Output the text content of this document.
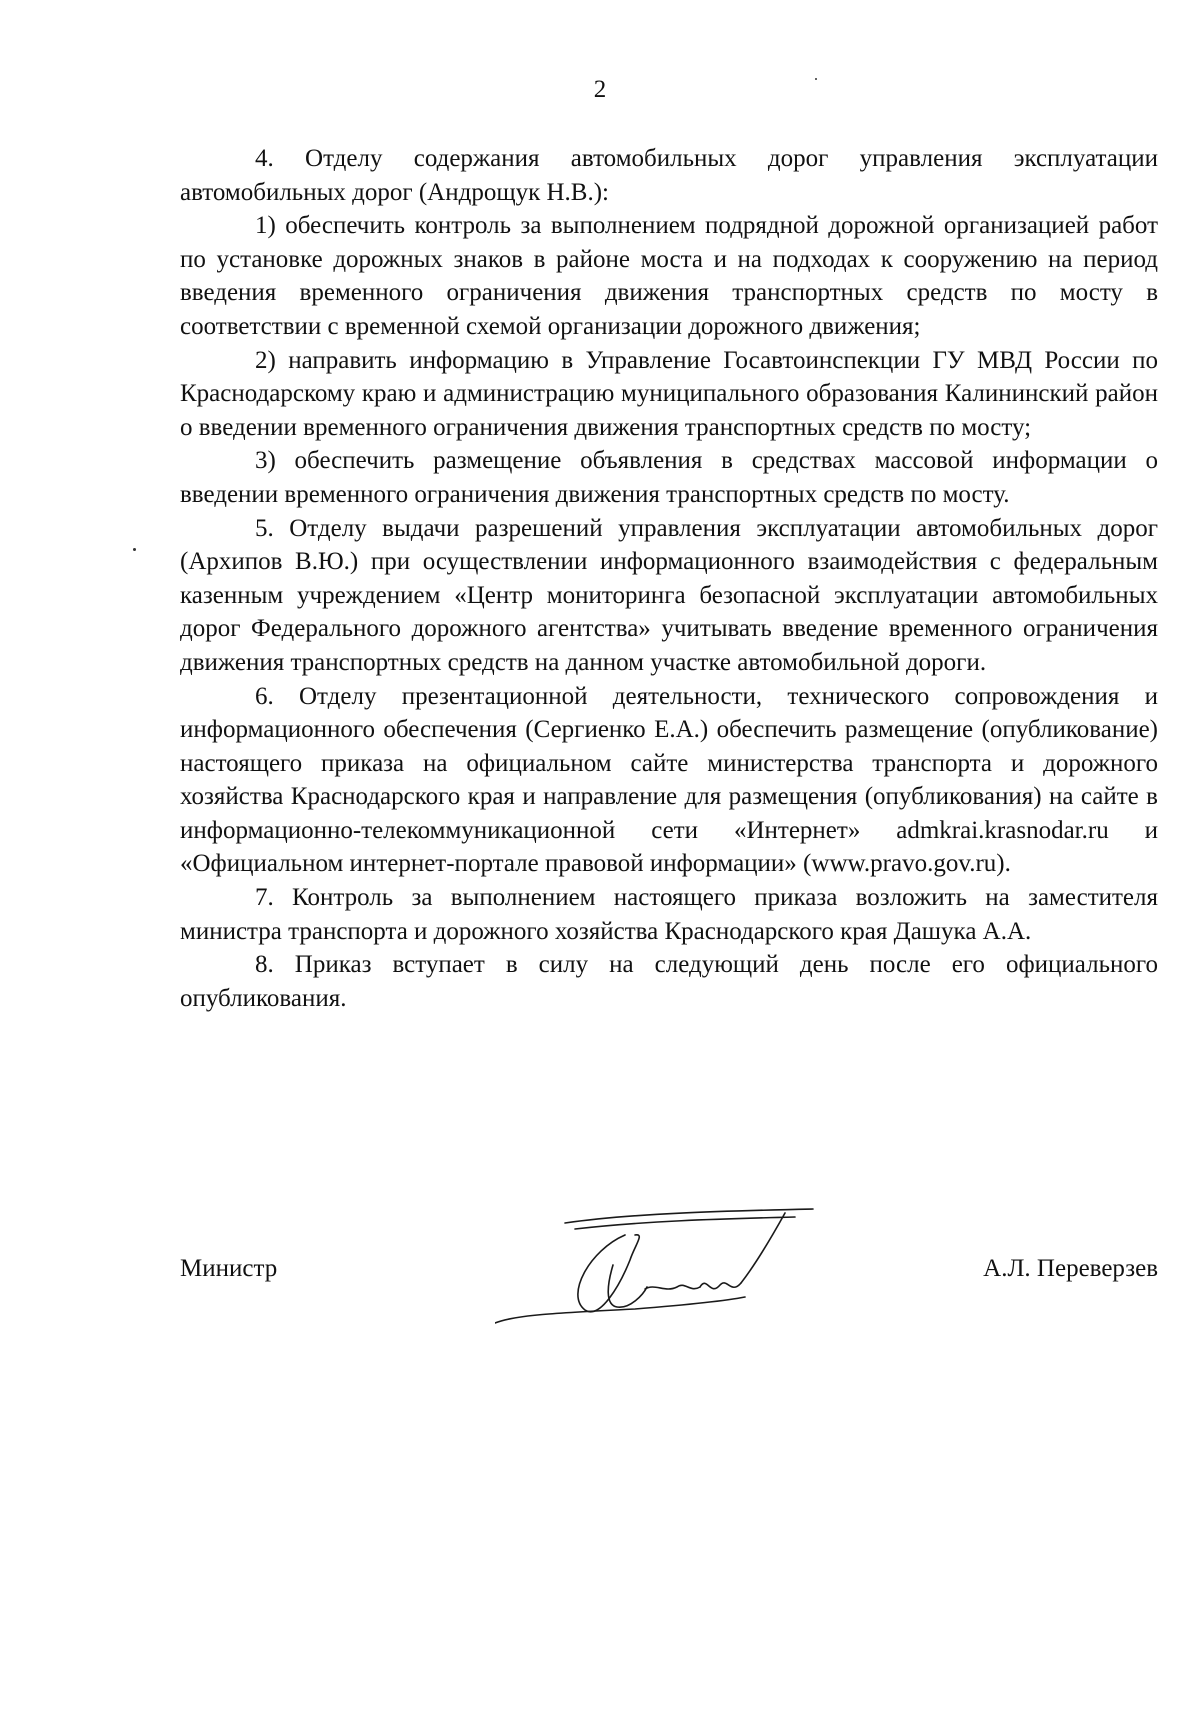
2

4. Отделу содержания автомобильных дорог управления эксплуатации автомобильных дорог (Андрощук Н.В.):

1) обеспечить контроль за выполнением подрядной дорожной организацией работ по установке дорожных знаков в районе моста и на подходах к сооружению на период введения временного ограничения движения транспортных средств по мосту в соответствии с временной схемой организации дорожного движения;

2) направить информацию в Управление Госавтоинспекции ГУ МВД России по Краснодарскому краю и администрацию муниципального образования Калининский район о введении временного ограничения движения транспортных средств по мосту;

3) обеспечить размещение объявления в средствах массовой информации о введении временного ограничения движения транспортных средств по мосту.

5. Отделу выдачи разрешений управления эксплуатации автомобильных дорог (Архипов В.Ю.) при осуществлении информационного взаимодействия с федеральным казенным учреждением «Центр мониторинга безопасной эксплуатации автомобильных дорог Федерального дорожного агентства» учитывать введение временного ограничения движения транспортных средств на данном участке автомобильной дороги.

6. Отделу презентационной деятельности, технического сопровождения и информационного обеспечения (Сергиенко Е.А.) обеспечить размещение (опубликование) настоящего приказа на официальном сайте министерства транспорта и дорожного хозяйства Краснодарского края и направление для размещения (опубликования) на сайте в информационно-телекоммуникационной сети «Интернет» admkrai.krasnodar.ru и «Официальном интернет-портале правовой информации» (www.pravo.gov.ru).

7. Контроль за выполнением настоящего приказа возложить на заместителя министра транспорта и дорожного хозяйства Краснодарского края Дашука А.А.

8. Приказ вступает в силу на следующий день после его официального опубликования.

Министр	А.Л. Переверзев
